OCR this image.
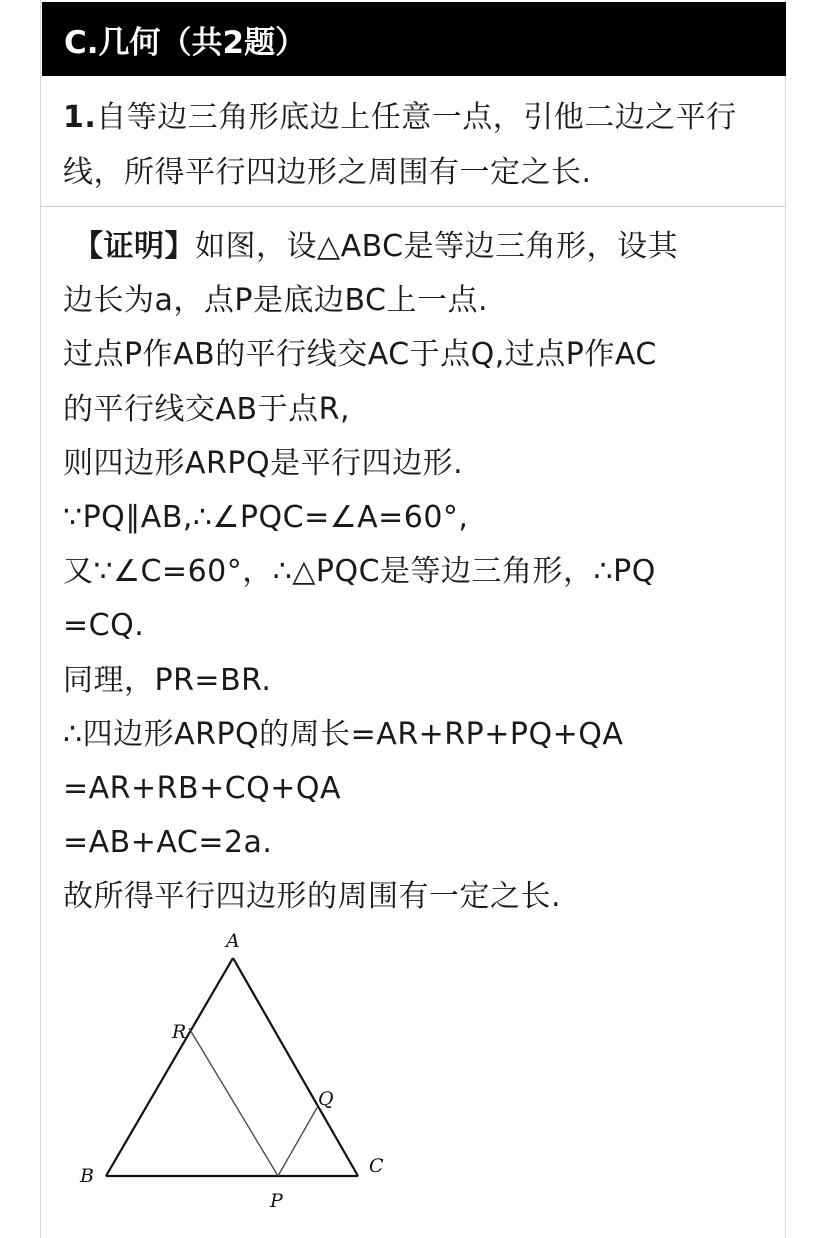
C.几何（共2题）
1.自等边三角形底边上任意一点，引他二边之平行线，所得平行四边形之周围有一定之长.

【证明】如图，设△ABC是等边三角形，设其

边长为a，点P是底边BC上一点.

过点P作AB的平行线交AC于点Q,过点P作AC

的平行线交AB于点R,

则四边形ARPQ是平行四边形.

∵PQ∥AB,∴∠PQC=∠A=60°,

又∵∠C=60°，∴△PQC是等边三角形，∴PQ

=CQ.

同理，PR=BR.

∴四边形ARPQ的周长=AR+RP+PQ+QA

=AR+RB+CQ+QA

=AB+AC=2a.

故所得平行四边形的周围有一定之长.

A
B	C
P
Q
R
